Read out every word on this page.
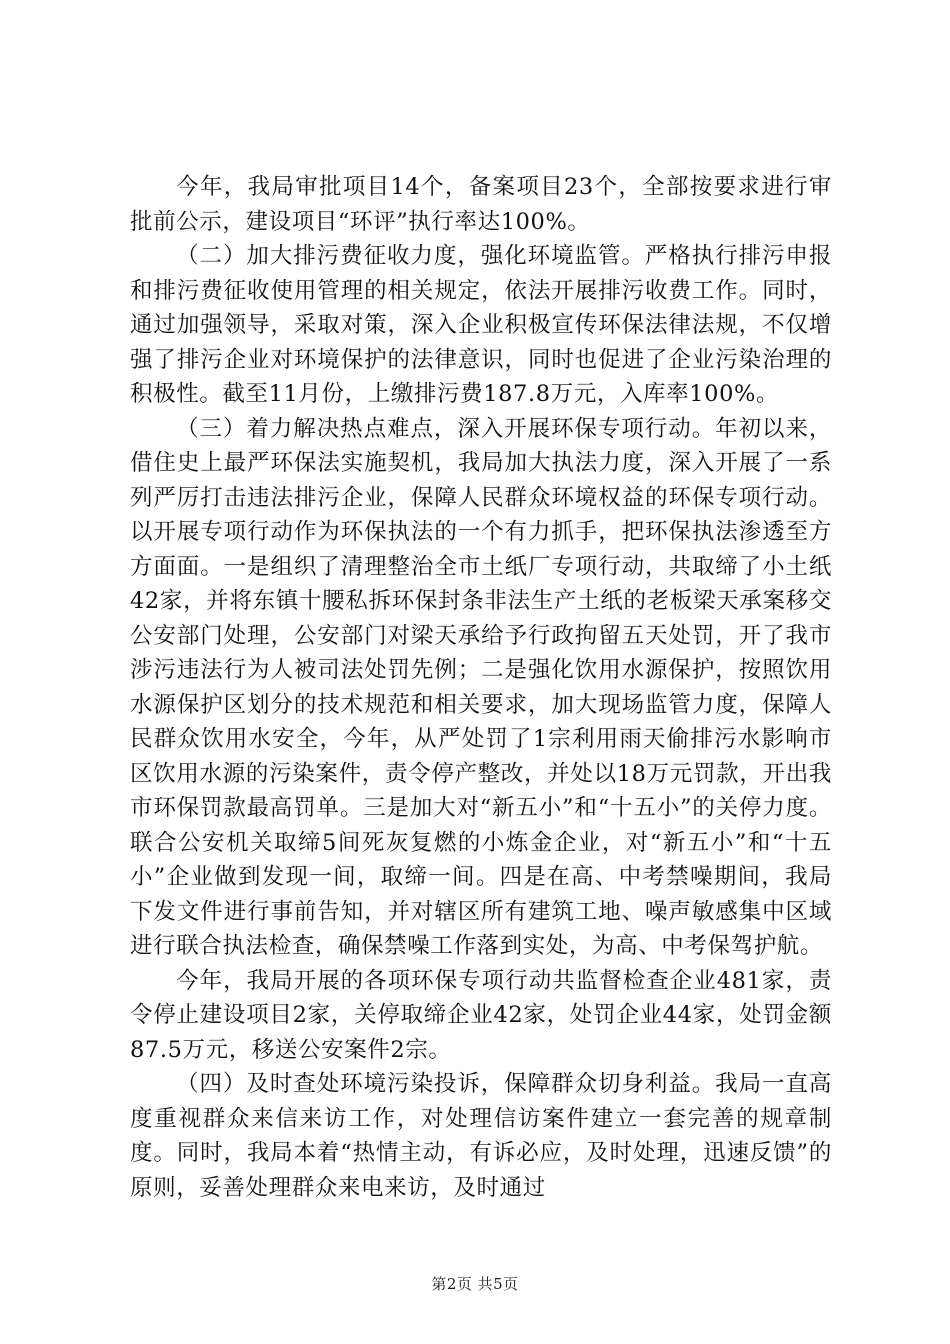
今年，我局审批项目14个，备案项目23个，全部按要求进行审批前公示，建设项目“环评”执行率达100%。

（二）加大排污费征收力度，强化环境监管。严格执行排污申报和排污费征收使用管理的相关规定，依法开展排污收费工作。同时，通过加强领导，采取对策，深入企业积极宣传环保法律法规，不仅增强了排污企业对环境保护的法律意识，同时也促进了企业污染治理的积极性。截至11月份，上缴排污费187.8万元，入库率100%。

（三）着力解决热点难点，深入开展环保专项行动。年初以来，借住史上最严环保法实施契机，我局加大执法力度，深入开展了一系列严厉打击违法排污企业，保障人民群众环境权益的环保专项行动。以开展专项行动作为环保执法的一个有力抓手，把环保执法渗透至方方面面。一是组织了清理整治全市土纸厂专项行动，共取缔了小土纸42家，并将东镇十腰私拆环保封条非法生产土纸的老板梁天承案移交公安部门处理，公安部门对梁天承给予行政拘留五天处罚，开了我市涉污违法行为人被司法处罚先例；二是强化饮用水源保护，按照饮用水源保护区划分的技术规范和相关要求，加大现场监管力度，保障人民群众饮用水安全，今年，从严处罚了1宗利用雨天偷排污水影响市区饮用水源的污染案件，责令停产整改，并处以18万元罚款，开出我市环保罚款最高罚单。三是加大对“新五小”和“十五小”的关停力度。联合公安机关取缔5间死灰复燃的小炼金企业，对“新五小”和“十五小”企业做到发现一间，取缔一间。四是在高、中考禁噪期间，我局下发文件进行事前告知，并对辖区所有建筑工地、噪声敏感集中区域进行联合执法检查，确保禁噪工作落到实处，为高、中考保驾护航。

今年，我局开展的各项环保专项行动共监督检查企业481家，责令停止建设项目2家，关停取缔企业42家，处罚企业44家，处罚金额87.5万元，移送公安案件2宗。

（四）及时查处环境污染投诉，保障群众切身利益。我局一直高度重视群众来信来访工作，对处理信访案件建立一套完善的规章制度。同时，我局本着“热情主动，有诉必应，及时处理，迅速反馈”的原则，妥善处理群众来电来访，及时通过

第2页 共5页
